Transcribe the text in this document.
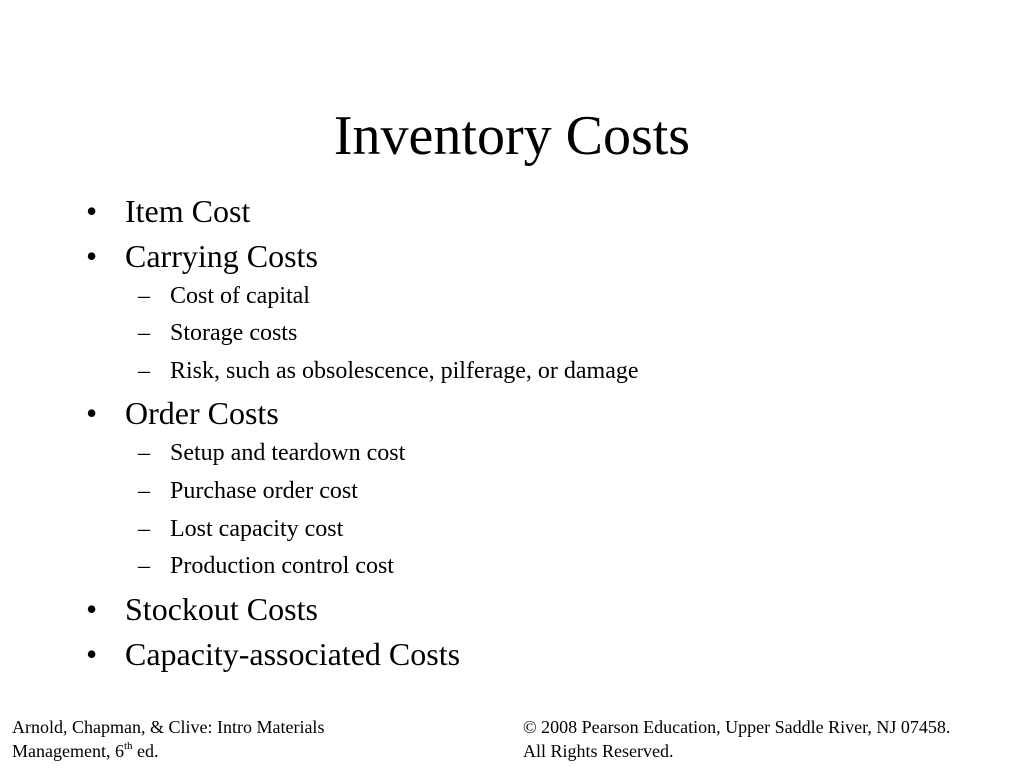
Inventory Costs
• Item Cost
• Carrying Costs
– Cost of capital
– Storage costs
– Risk, such as obsolescence, pilferage, or damage
• Order Costs
– Setup and teardown cost
– Purchase order cost
– Lost capacity cost
– Production control cost
• Stockout Costs
• Capacity-associated Costs
Arnold, Chapman, & Clive: Intro Materials
Management, 6th ed.
© 2008 Pearson Education, Upper Saddle River, NJ 07458.
All Rights Reserved.
